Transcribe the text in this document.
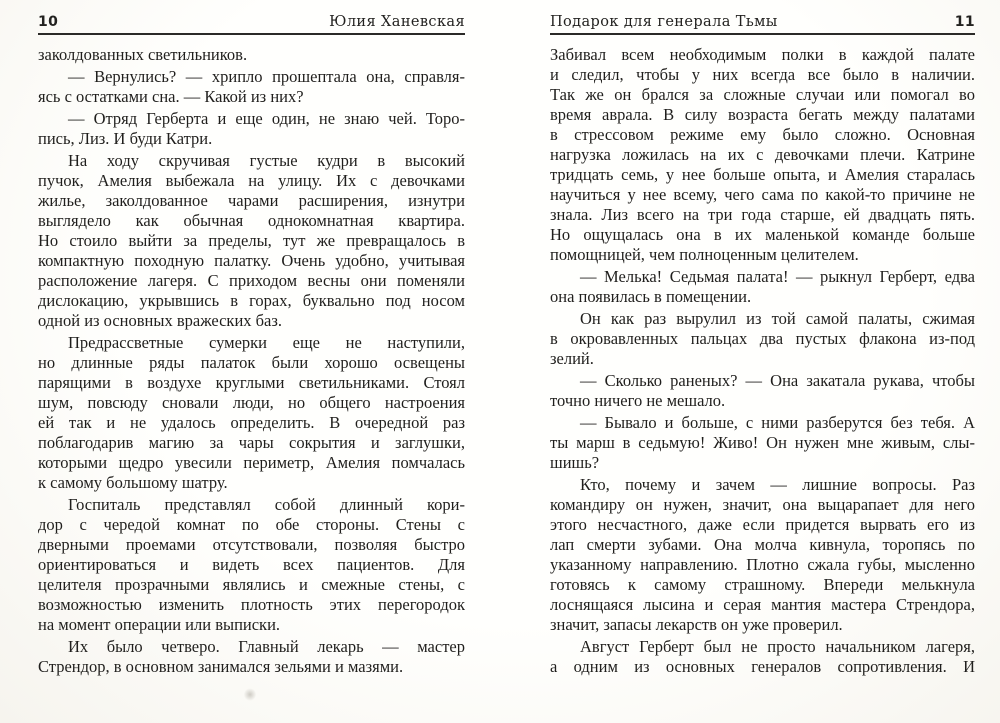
10	Юлия Ханевская
заколдованных светильников.
— Вернулись? — хрипло прошептала она, справля-
ясь с остатками сна. — Какой из них?
— Отряд Герберта и еще один, не знаю чей. Торо-
пись, Лиз. И буди Катри.
На ходу скручивая густые кудри в высокий
пучок, Амелия выбежала на улицу. Их с девочками
жилье, заколдованное чарами расширения, изнутри
выглядело как обычная однокомнатная квартира.
Но стоило выйти за пределы, тут же превращалось в
компактную походную палатку. Очень удобно, учитывая
расположение лагеря. С приходом весны они поменяли
дислокацию, укрывшись в горах, буквально под носом
одной из основных вражеских баз.
Предрассветные сумерки еще не наступили,
но длинные ряды палаток были хорошо освещены
парящими в воздухе круглыми светильниками. Стоял
шум, повсюду сновали люди, но общего настроения
ей так и не удалось определить. В очередной раз
поблагодарив магию за чары сокрытия и заглушки,
которыми щедро увесили периметр, Амелия помчалась
к самому большому шатру.
Госпиталь представлял собой длинный кори-
дор с чередой комнат по обе стороны. Стены с
дверными проемами отсутствовали, позволяя быстро
ориентироваться и видеть всех пациентов. Для
целителя прозрачными являлись и смежные стены, с
возможностью изменить плотность этих перегородок
на момент операции или выписки.
Их было четверо. Главный лекарь — мастер
Стрендор, в основном занимался зельями и мазями.
Подарок для генерала Тьмы	11
Забивал всем необходимым полки в каждой палате
и следил, чтобы у них всегда все было в наличии.
Так же он брался за сложные случаи или помогал во
время аврала. В силу возраста бегать между палатами
в стрессовом режиме ему было сложно. Основная
нагрузка ложилась на их с девочками плечи. Катрине
тридцать семь, у нее больше опыта, и Амелия старалась
научиться у нее всему, чего сама по какой-то причине не
знала. Лиз всего на три года старше, ей двадцать пять.
Но ощущалась она в их маленькой команде больше
помощницей, чем полноценным целителем.
— Мелька! Седьмая палата! — рыкнул Герберт, едва
она появилась в помещении.
Он как раз вырулил из той самой палаты, сжимая
в окровавленных пальцах два пустых флакона из-под
зелий.
— Сколько раненых? — Она закатала рукава, чтобы
точно ничего не мешало.
— Бывало и больше, с ними разберутся без тебя. А
ты марш в седьмую! Живо! Он нужен мне живым, слы-
шишь?
Кто, почему и зачем — лишние вопросы. Раз
командиру он нужен, значит, она выцарапает для него
этого несчастного, даже если придется вырвать его из
лап смерти зубами. Она молча кивнула, торопясь по
указанному направлению. Плотно сжала губы, мысленно
готовясь к самому страшному. Впереди мелькнула
лоснящаяся лысина и серая мантия мастера Стрендора,
значит, запасы лекарств он уже проверил.
Август Герберт был не просто начальником лагеря,
а одним из основных генералов сопротивления. И
